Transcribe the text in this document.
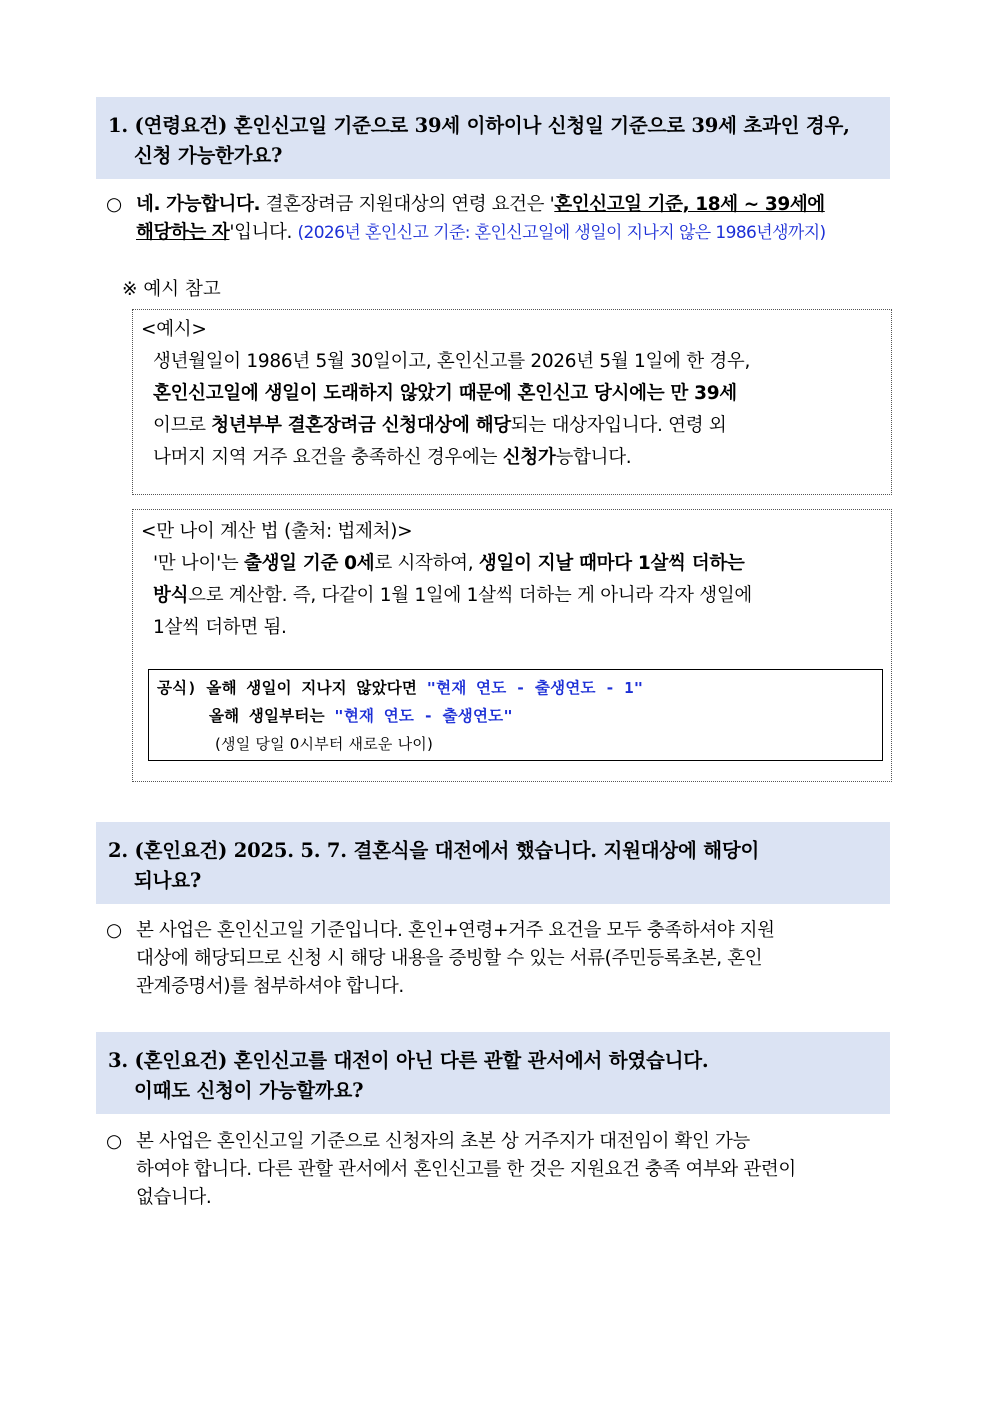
1. (연령요건) 혼인신고일 기준으로 39세 이하이나 신청일 기준으로 39세 초과인 경우,
신청 가능한가요?
○ 네. 가능합니다. 결혼장려금 지원대상의 연령 요건은 '혼인신고일 기준, 18세 ~ 39세에
해당하는 자'입니다. (2026년 혼인신고 기준: 혼인신고일에 생일이 지나지 않은 1986년생까지)
※ 예시 참고
<예시>
생년월일이 1986년 5월 30일이고, 혼인신고를 2026년 5월 1일에 한 경우,
혼인신고일에 생일이 도래하지 않았기 때문에 혼인신고 당시에는 만 39세
이므로 청년부부 결혼장려금 신청대상에 해당되는 대상자입니다. 연령 외
나머지 지역 거주 요건을 충족하신 경우에는 신청가능합니다.
<만 나이 계산 법 (출처: 법제처)>
'만 나이'는 출생일 기준 0세로 시작하여, 생일이 지날 때마다 1살씩 더하는
방식으로 계산함. 즉, 다같이 1월 1일에 1살씩 더하는 게 아니라 각자 생일에
1살씩 더하면 됨.
공식) 올해 생일이 지나지 않았다면 "현재 연도 - 출생연도 - 1"
올해 생일부터는 "현재 연도 - 출생연도"
(생일 당일 0시부터 새로운 나이)
2. (혼인요건) 2025. 5. 7. 결혼식을 대전에서 했습니다. 지원대상에 해당이
되나요?
○ 본 사업은 혼인신고일 기준입니다. 혼인+연령+거주 요건을 모두 충족하셔야 지원
대상에 해당되므로 신청 시 해당 내용을 증빙할 수 있는 서류(주민등록초본, 혼인
관계증명서)를 첨부하셔야 합니다.
3. (혼인요건) 혼인신고를 대전이 아닌 다른 관할 관서에서 하였습니다.
이때도 신청이 가능할까요?
○ 본 사업은 혼인신고일 기준으로 신청자의 초본 상 거주지가 대전임이 확인 가능
하여야 합니다. 다른 관할 관서에서 혼인신고를 한 것은 지원요건 충족 여부와 관련이
없습니다.
